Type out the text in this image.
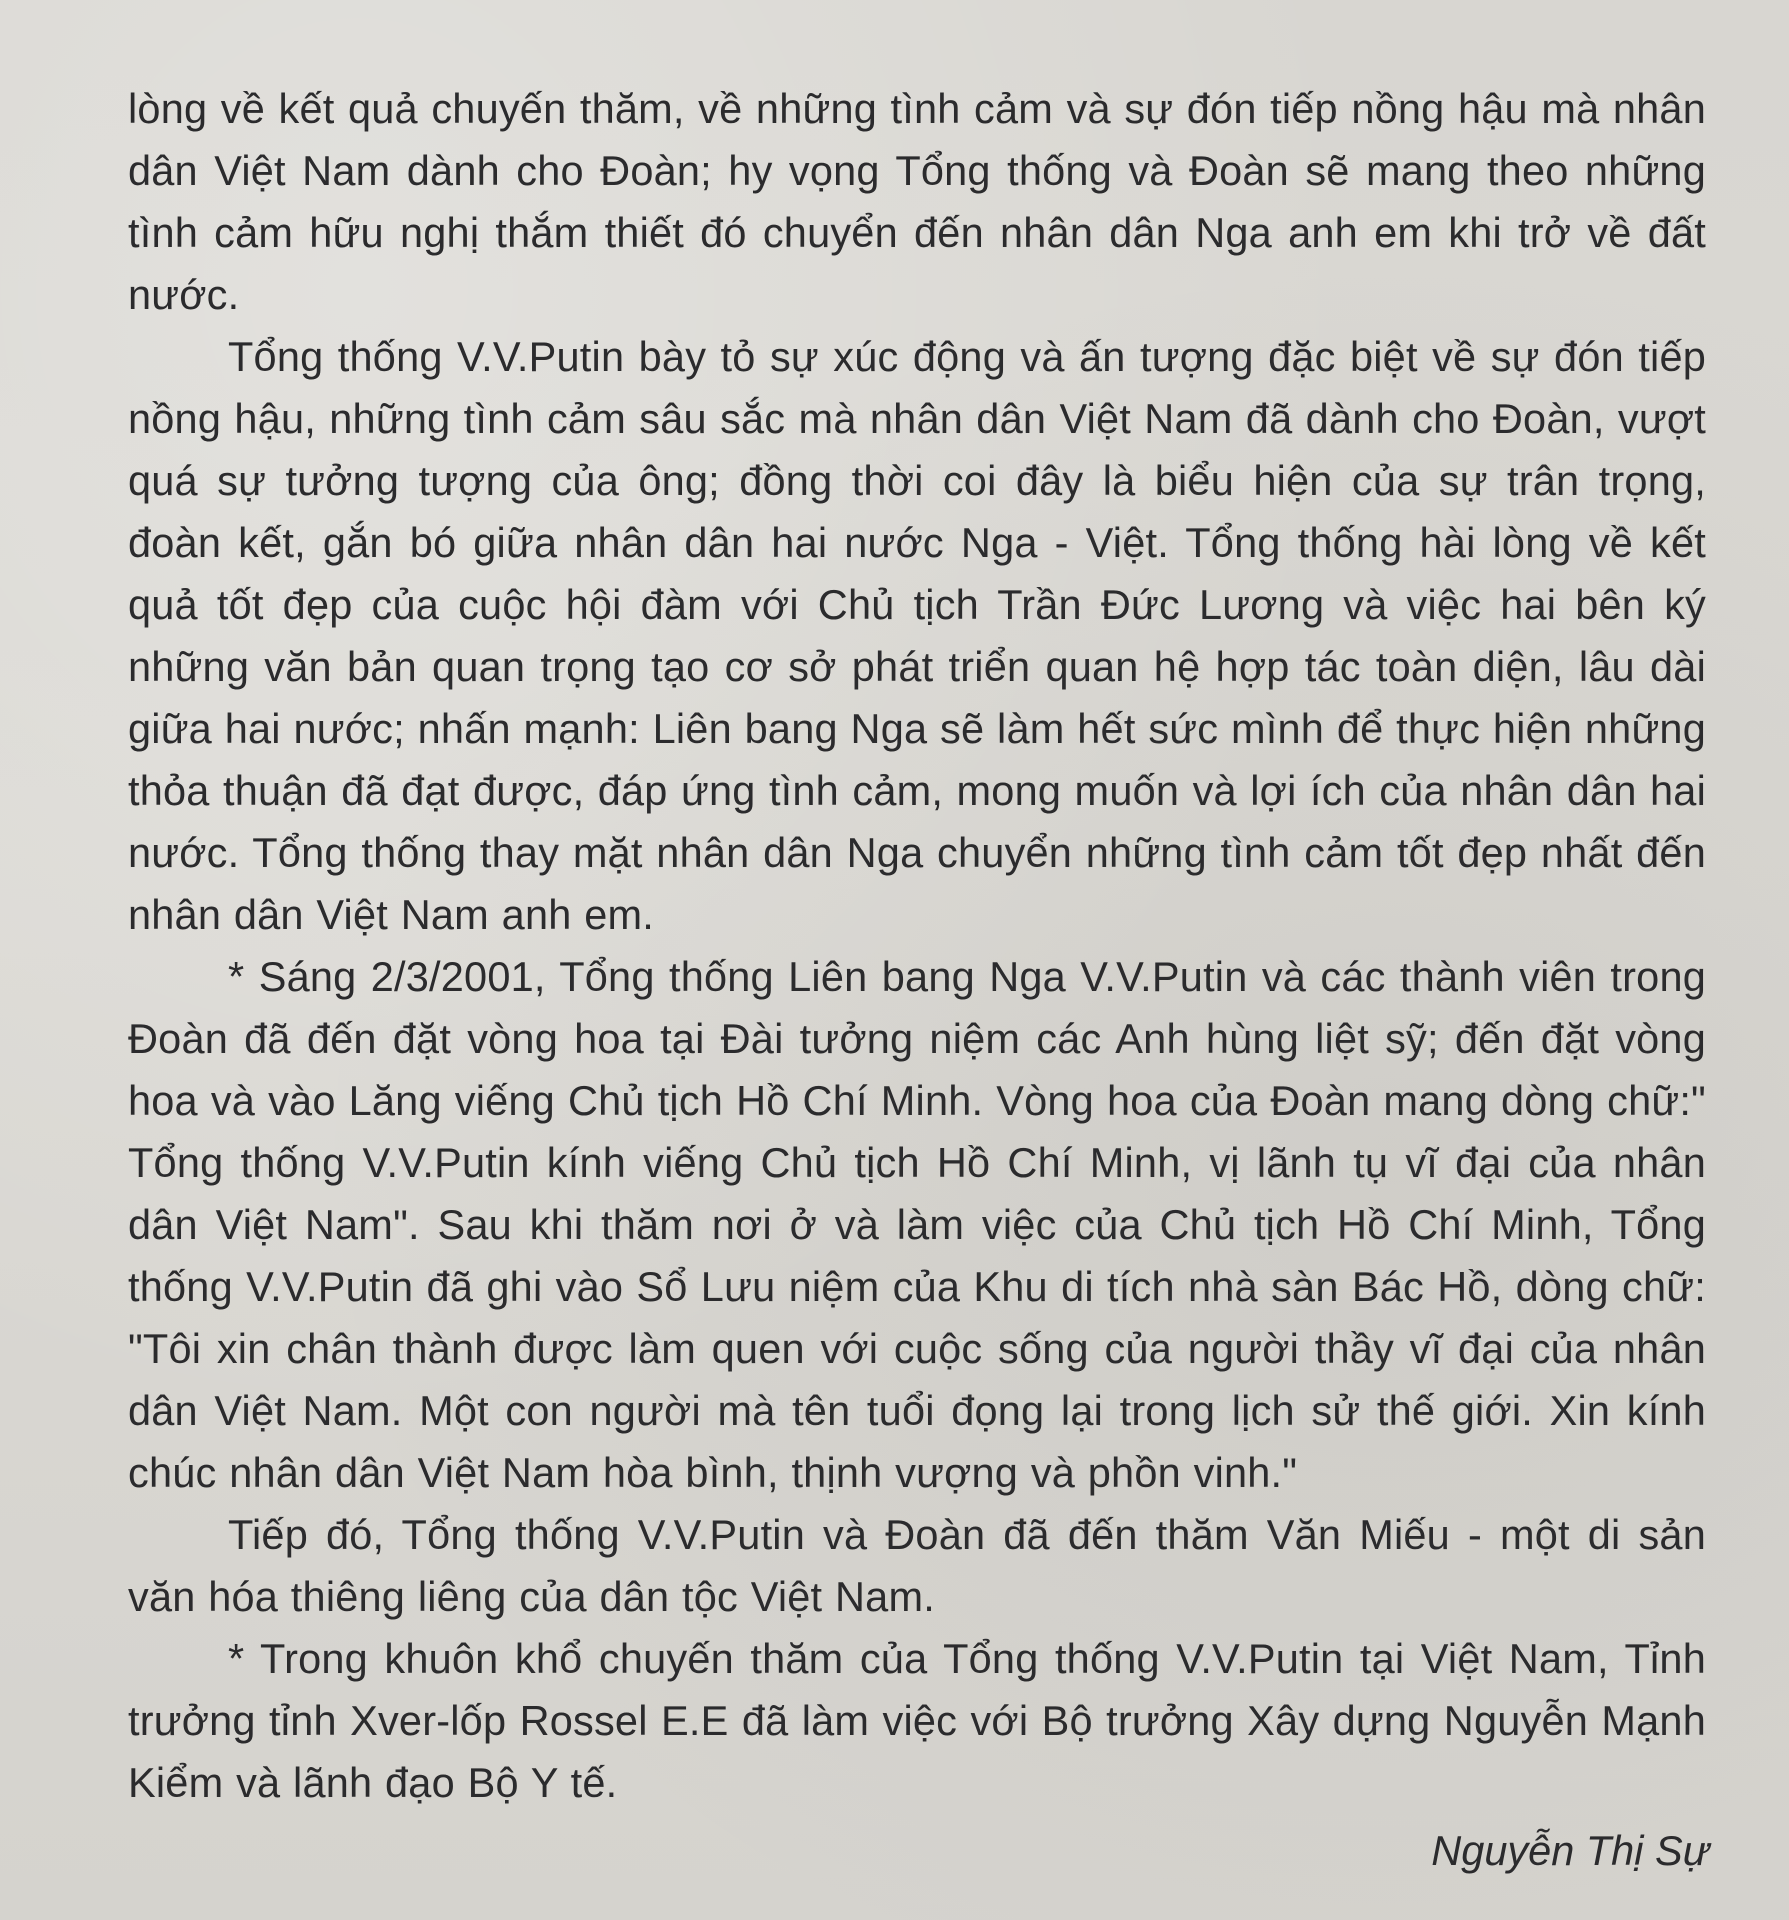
lòng về kết quả chuyến thăm, về những tình cảm và sự đón tiếp nồng hậu mà nhân dân Việt Nam dành cho Đoàn; hy vọng Tổng thống và Đoàn sẽ mang theo những tình cảm hữu nghị thắm thiết đó chuyển đến nhân dân Nga anh em khi trở về đất nước.

Tổng thống V.V.Putin bày tỏ sự xúc động và ấn tượng đặc biệt về sự đón tiếp nồng hậu, những tình cảm sâu sắc mà nhân dân Việt Nam đã dành cho Đoàn, vượt quá sự tưởng tượng của ông; đồng thời coi đây là biểu hiện của sự trân trọng, đoàn kết, gắn bó giữa nhân dân hai nước Nga - Việt. Tổng thống hài lòng về kết quả tốt đẹp của cuộc hội đàm với Chủ tịch Trần Đức Lương và việc hai bên ký những văn bản quan trọng tạo cơ sở phát triển quan hệ hợp tác toàn diện, lâu dài giữa hai nước; nhấn mạnh: Liên bang Nga sẽ làm hết sức mình để thực hiện những thỏa thuận đã đạt được, đáp ứng tình cảm, mong muốn và lợi ích của nhân dân hai nước. Tổng thống thay mặt nhân dân Nga chuyển những tình cảm tốt đẹp nhất đến nhân dân Việt Nam anh em.

* Sáng 2/3/2001, Tổng thống Liên bang Nga V.V.Putin và các thành viên trong Đoàn đã đến đặt vòng hoa tại Đài tưởng niệm các Anh hùng liệt sỹ; đến đặt vòng hoa và vào Lăng viếng Chủ tịch Hồ Chí Minh. Vòng hoa của Đoàn mang dòng chữ:" Tổng thống V.V.Putin kính viếng Chủ tịch Hồ Chí Minh, vị lãnh tụ vĩ đại của nhân dân Việt Nam". Sau khi thăm nơi ở và làm việc của Chủ tịch Hồ Chí Minh, Tổng thống V.V.Putin đã ghi vào Sổ Lưu niệm của Khu di tích nhà sàn Bác Hồ, dòng chữ: "Tôi xin chân thành được làm quen với cuộc sống của người thầy vĩ đại của nhân dân Việt Nam. Một con người mà tên tuổi đọng lại trong lịch sử thế giới. Xin kính chúc nhân dân Việt Nam hòa bình, thịnh vượng và phồn vinh."

Tiếp đó, Tổng thống V.V.Putin và Đoàn đã đến thăm Văn Miếu - một di sản văn hóa thiêng liêng của dân tộc Việt Nam.

* Trong khuôn khổ chuyến thăm của Tổng thống V.V.Putin tại Việt Nam, Tỉnh trưởng tỉnh Xver-lốp Rossel E.E đã làm việc với Bộ trưởng Xây dựng Nguyễn Mạnh Kiểm và lãnh đạo Bộ Y tế.

Nguyễn Thị Sự
